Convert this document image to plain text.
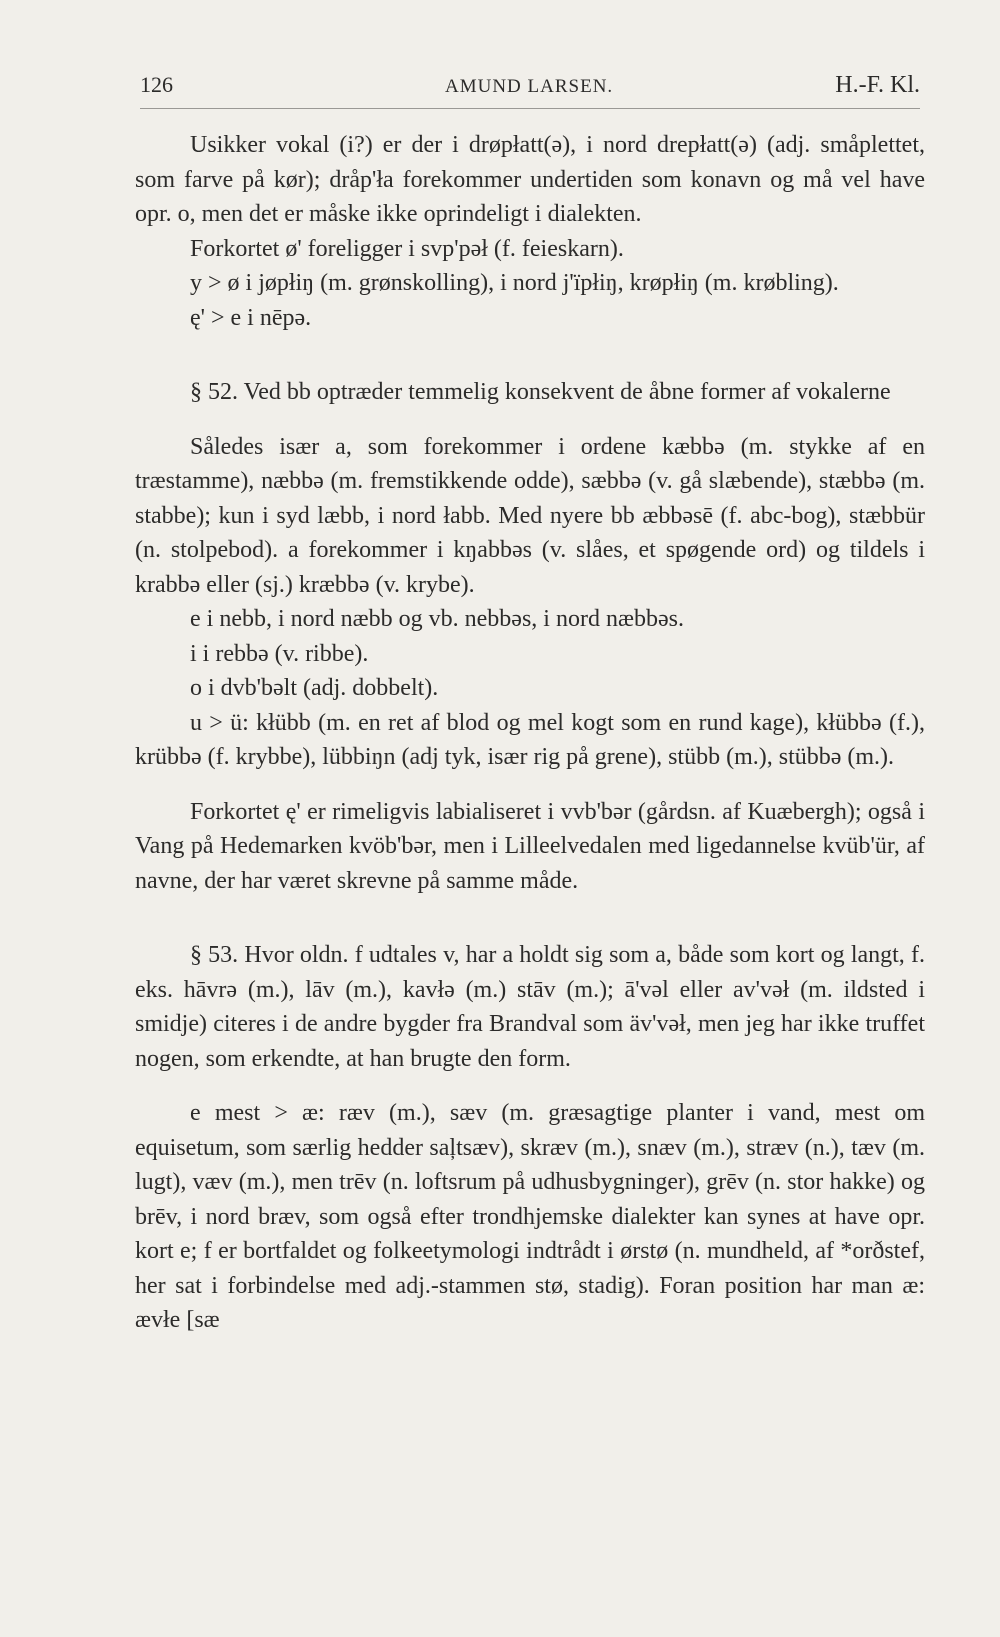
126	AMUND LARSEN.	H.-F. Kl.

Usikker vokal (i?) er der i drøpłatt(ə), i nord drepłatt(ə) (adj. småplettet, som farve på kør); dråp'ła forekommer undertiden som konavn og må vel have opr. o, men det er måske ikke oprindeligt i dialekten.

Forkortet ø' foreligger i svp'pəł (f. feieskarn).

y > ø i jøpłiŋ (m. grønskolling), i nord j'ïpłiŋ, krøpłiŋ (m. krøbling).

ę' > e i nēpə.

§ 52. Ved bb optræder temmelig konsekvent de åbne former af vokalerne

Således især a, som forekommer i ordene kæbbə (m. stykke af en træstamme), næbbə (m. fremstikkende odde), sæbbə (v. gå slæbende), stæbbə (m. stabbe); kun i syd læbb, i nord łabb. Med nyere bb æbbəsē (f. abc-bog), stæbbür (n. stolpebod). a forekommer i kŋabbəs (v. slåes, et spøgende ord) og tildels i krabbə eller (sj.) kræbbə (v. krybe).

e i nebb, i nord næbb og vb. nebbəs, i nord næbbəs.

i i rebbə (v. ribbe).

o i dvb'bəlt (adj. dobbelt).

u > ü: kłübb (m. en ret af blod og mel kogt som en rund kage), kłübbə (f.), krübbə (f. krybbe), lübbiŋn (adj tyk, især rig på grene), stübb (m.), stübbə (m.).

Forkortet ę' er rimeligvis labialiseret i vvb'bər (gårdsn. af Kuæbergh); også i Vang på Hedemarken kvöb'bər, men i Lilleelvedalen med ligedannelse kvüb'ür, af navne, der har været skrevne på samme måde.

§ 53. Hvor oldn. f udtales v, har a holdt sig som a, både som kort og langt, f. eks. hāvrə (m.), lāv (m.), kavłə (m.) stāv (m.); ā'vəl eller av'vəł (m. ildsted i smidje) citeres i de andre bygder fra Brandval som äv'vəł, men jeg har ikke truffet nogen, som erkendte, at han brugte den form.

e mest > æ: ræv (m.), sæv (m. græsagtige planter i vand, mest om equisetum, som særlig hedder saļtsæv), skræv (m.), snæv (m.), stræv (n.), tæv (m. lugt), væv (m.), men trēv (n. loftsrum på udhusbygninger), grēv (n. stor hakke) og brēv, i nord bræv, som også efter trondhjemske dialekter kan synes at have opr. kort e; f er bortfaldet og folkeetymologi indtrådt i ørstø (n. mundheld, af *orðstef, her sat i forbindelse med adj.-stammen stø, stadig). Foran position har man æ: ævłe [sæ
